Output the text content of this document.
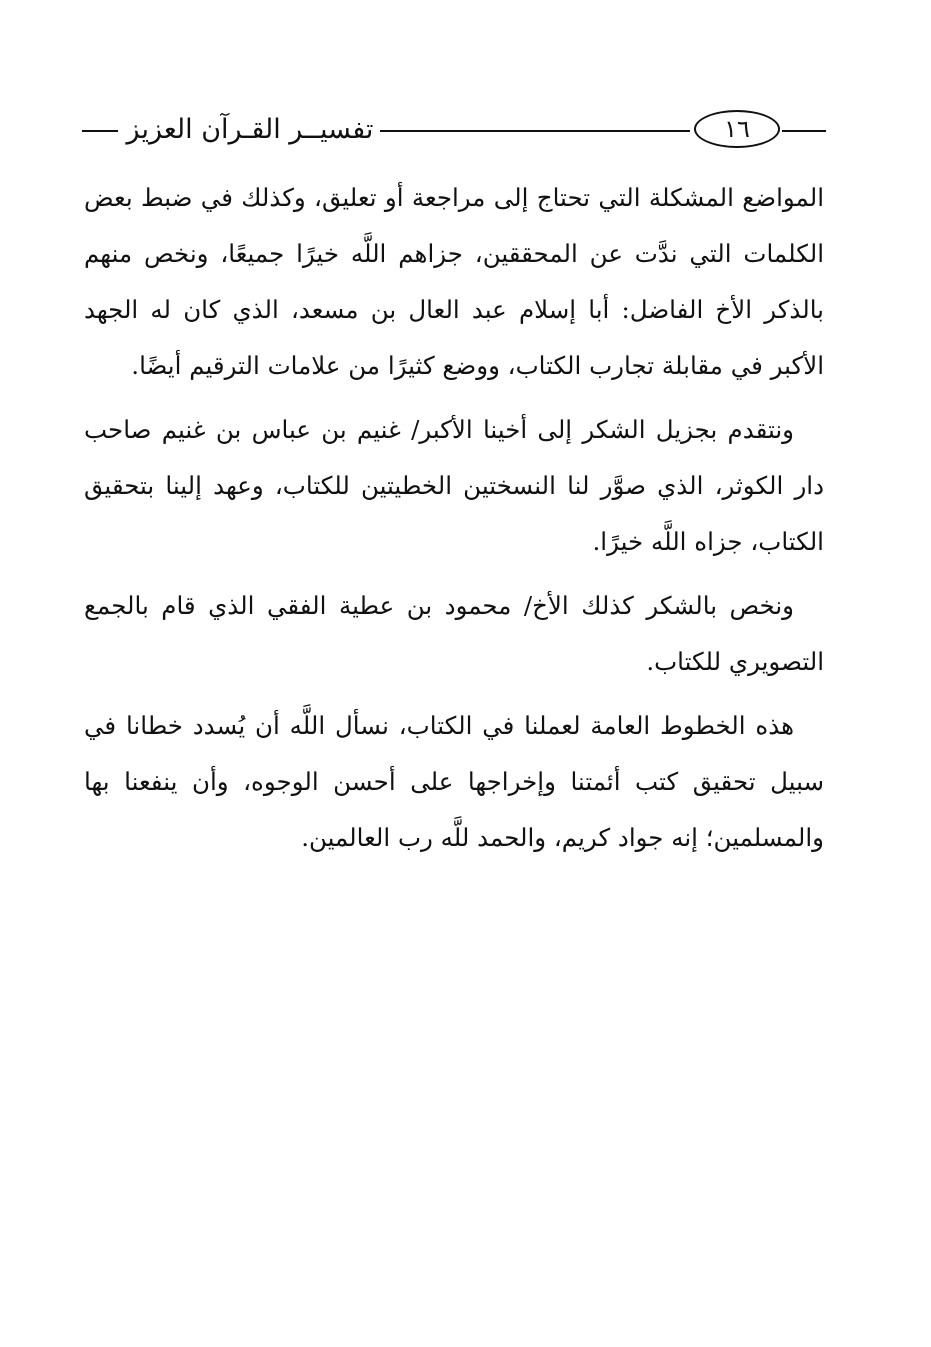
تفسيــر القـرآن العزيز	١٦

المواضع المشكلة التي تحتاج إلى مراجعة أو تعليق، وكذلك في ضبط بعض الكلمات التي ندَّت عن المحققين، جزاهم اللَّه خيرًا جميعًا، ونخص منهم بالذكر الأخ الفاضل: أبا إسلام عبد العال بن مسعد، الذي كان له الجهد الأكبر في مقابلة تجارب الكتاب، ووضع كثيرًا من علامات الترقيم أيضًا.

ونتقدم بجزيل الشكر إلى أخينا الأكبر/ غنيم بن عباس بن غنيم صاحب دار الكوثر، الذي صوَّر لنا النسختين الخطيتين للكتاب، وعهد إلينا بتحقيق الكتاب، جزاه اللَّه خيرًا.

ونخص بالشكر كذلك الأخ/ محمود بن عطية الفقي الذي قام بالجمع التصويري للكتاب.

هذه الخطوط العامة لعملنا في الكتاب، نسأل اللَّه أن يُسدد خطانا في سبيل تحقيق كتب أئمتنا وإخراجها على أحسن الوجوه، وأن ينفعنا بها والمسلمين؛ إنه جواد كريم، والحمد للَّه رب العالمين.
